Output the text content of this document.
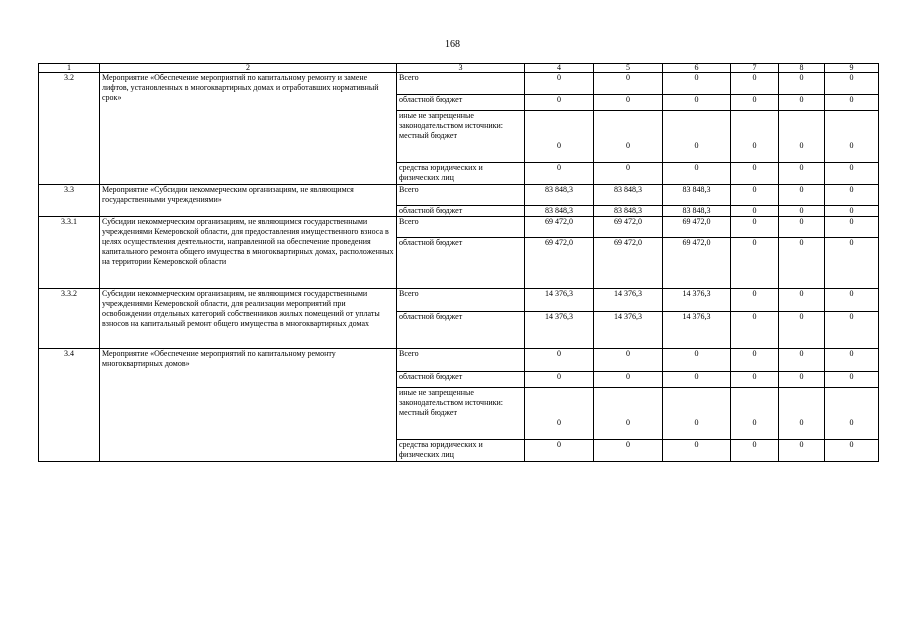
168
1	2	3	4	5	6	7	8	9
3.2	Мероприятие «Обеспечение мероприятий по капитальному ремонту и замене лифтов, установленных в многоквартирных домах и отработавших нормативный срок»	Всего	0	0	0	0	0	0

		областной бюджет	0	0	0	0	0	0

		иные не запрещенные законодательством источники:
местный бюджет	0	0	0	0	0	0

		средства юридических и физических лиц	0	0	0	0	0	0
3.3	Мероприятие «Субсидии некоммерческим организациям, не являющимся государственными учреждениями»	Всего	83 848,3	83 848,3	83 848,3	0	0	0

		областной бюджет	83 848,3	83 848,3	83 848,3	0	0	0
3.3.1	Субсидии некоммерческим организациям, не являющимся государственными учреждениями Кемеровской области, для предоставления имущественного взноса в целях осуществления деятельности, направленной на обеспечение проведения капитального ремонта общего имущества в многоквартирных домах, расположенных на территории Кемеровской области	Всего	69 472,0	69 472,0	69 472,0	0	0	0

		областной бюджет	69 472,0	69 472,0	69 472,0	0	0	0
3.3.2	Субсидии некоммерческим организациям, не являющимся государственными учреждениями Кемеровской области, для реализации мероприятий при освобождении отдельных категорий собственников жилых помещений от уплаты взносов на капитальный ремонт общего имущества в многоквартирных домах	Всего	14 376,3	14 376,3	14 376,3	0	0	0

		областной бюджет	14 376,3	14 376,3	14 376,3	0	0	0
3.4	Мероприятие «Обеспечение мероприятий по капитальному ремонту многоквартирных домов»	Всего	0	0	0	0	0	0

		областной бюджет	0	0	0	0	0	0

		иные не запрещенные законодательством источники:
местный бюджет	0	0	0	0	0	0

		средства юридических и физических лиц	0	0	0	0	0	0
